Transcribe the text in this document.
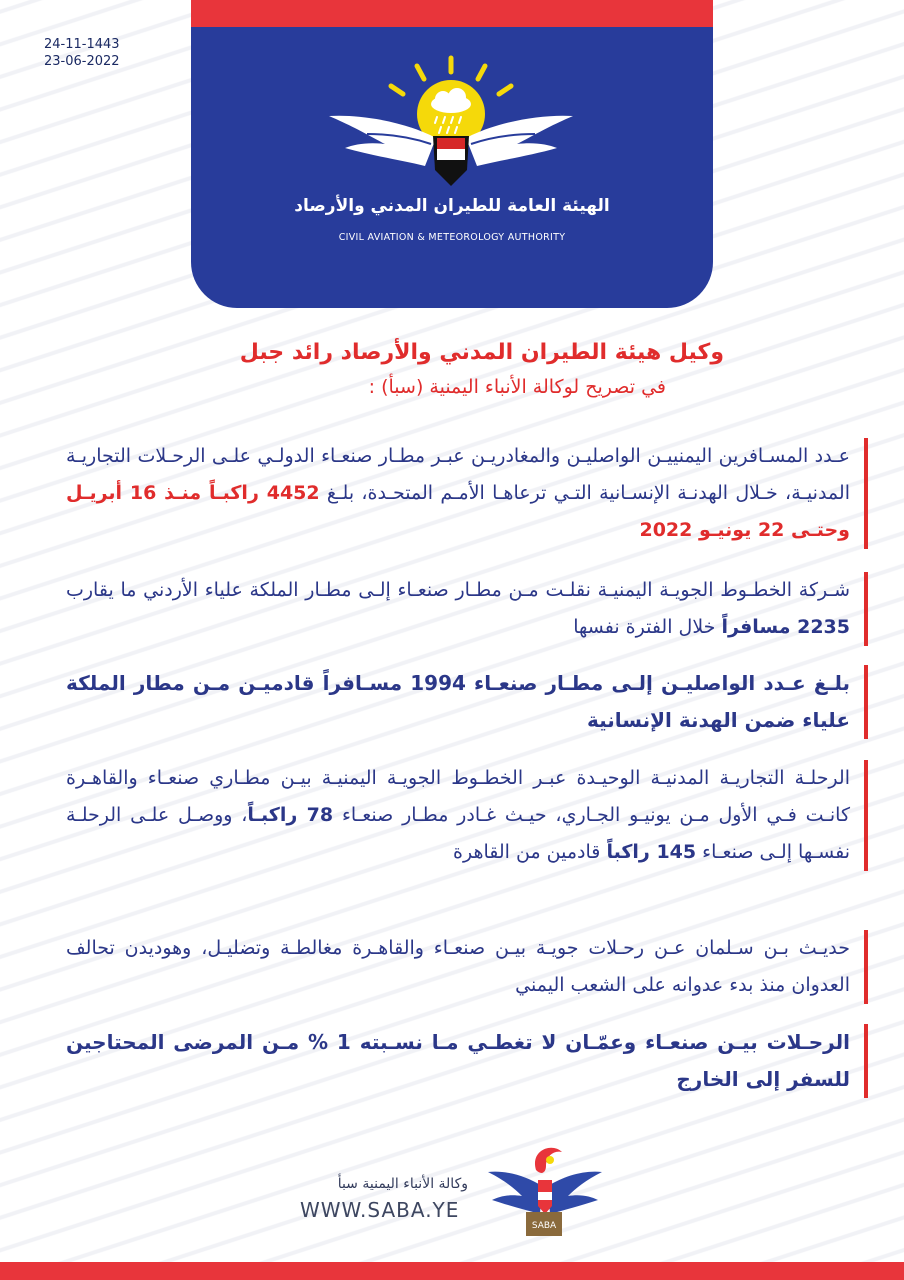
24-11-1443
23-06-2022
الهيئة العامة للطيران المدني والأرصاد
CIVIL AVIATION & METEOROLOGY AUTHORITY
وكيل هيئة الطيران المدني والأرصاد رائد جبل
في تصريح لوكالة الأنباء اليمنية (سبأ) :
عـدد المسـافرين اليمنييـن الواصليـن والمغادريـن عبـر مطـار صنعـاء الدولـي علـى الرحـلات التجاريـة المدنيـة، خـلال الهدنـة الإنسـانية التـي ترعاهـا الأمـم المتحـدة، بلـغ 4452 راكبـاً منـذ 16 أبريـل وحتـى 22 يونيـو 2022
شـركة الخطـوط الجويـة اليمنيـة نقلـت مـن مطـار صنعـاء إلـى مطـار الملكة علياء الأردني ما يقارب 2235 مسافراً خلال الفترة نفسها
بلـغ عـدد الواصليـن إلـى مطـار صنعـاء 1994 مسـافراً قادميـن مـن مطار الملكة علياء ضمن الهدنة الإنسانية
الرحلـة التجاريـة المدنيـة الوحيـدة عبـر الخطـوط الجويـة اليمنيـة بيـن مطـاري صنعـاء والقاهـرة كانـت فـي الأول مـن يونيـو الجـاري، حيـث غـادر مطـار صنعـاء 78 راكبـاً، ووصـل علـى الرحلـة نفسـها إلـى صنعـاء 145 راكباً قادمين من القاهرة
حديـث بـن سـلمان عـن رحـلات جويـة بيـن صنعـاء والقاهـرة مغالطـة وتضليـل، وهوديدن تحالف العدوان منذ بدء عدوانه على الشعب اليمني
الرحـلات بيـن صنعـاء وعمّـان لا تغطـي مـا نسـبته 1 % مـن المرضى المحتاجين للسفر إلى الخارج
وكالة الأنباء اليمنية سبأ
WWW.SABA.YE
SABA
